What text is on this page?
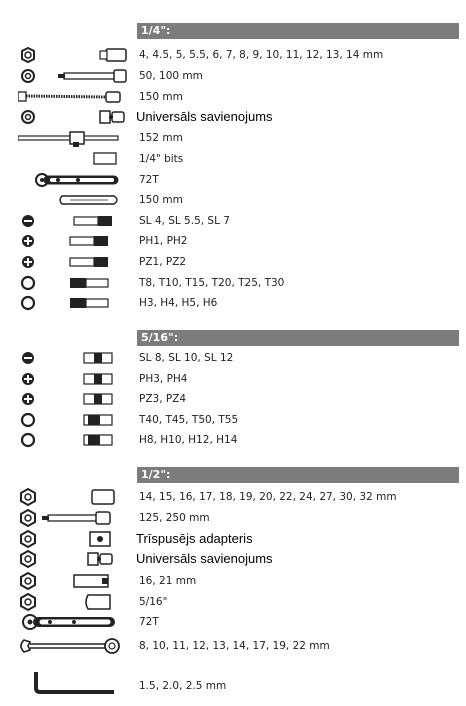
1/4":
4, 4.5, 5, 5.5, 6, 7, 8, 9, 10, 11, 12, 13, 14 mm
50, 100 mm
150 mm
Universāls savienojums
152 mm
1/4" bits
72T
150 mm
SL 4, SL 5.5, SL 7
PH1, PH2
PZ1, PZ2
T8, T10, T15, T20, T25, T30
H3, H4, H5, H6
5/16":
SL 8, SL 10, SL 12
PH3, PH4
PZ3, PZ4
T40, T45, T50, T55
H8, H10, H12, H14
1/2":
14, 15, 16, 17, 18, 19, 20, 22, 24, 27, 30, 32 mm
125, 250 mm
Trīspusējs adapteris
Universāls savienojums
16, 21 mm
5/16"
72T
8, 10, 11, 12, 13, 14, 17, 19, 22 mm
1.5, 2.0, 2.5 mm
